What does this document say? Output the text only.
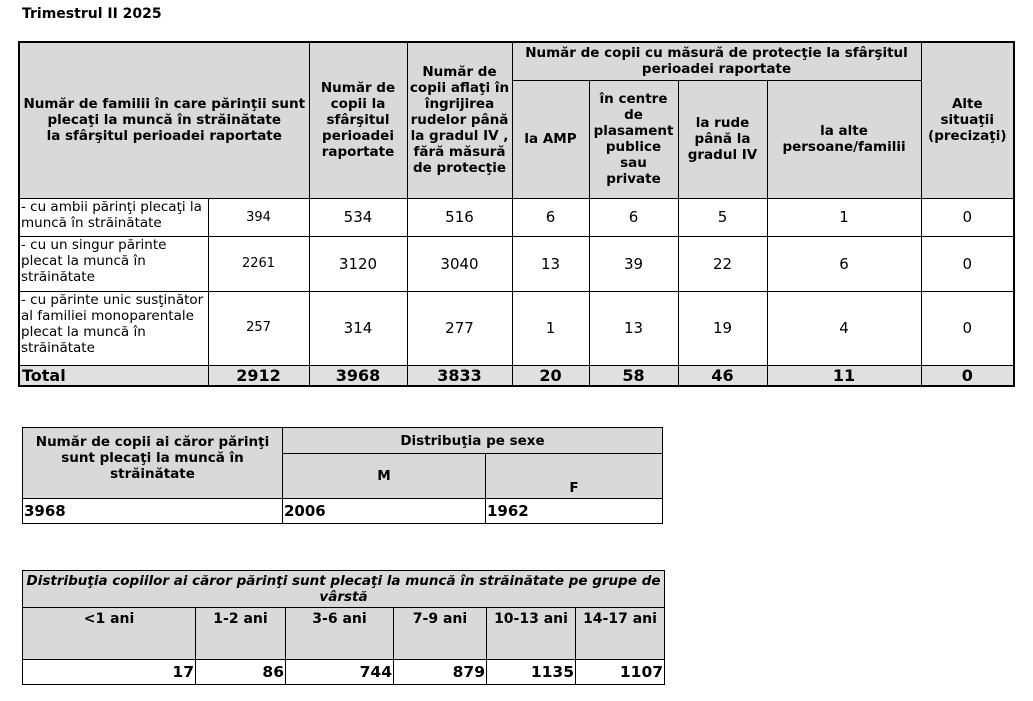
Trimestrul II 2025
Număr de familii în care părinţii sunt plecaţi la muncă în străinătate
la sfârşitul perioadei raportate		Număr de copii la sfârşitul perioadei raportate	Număr de copii aflaţi în îngrijirea rudelor până la gradul IV , fără măsură de protecţie	Număr de copii cu măsură de protecţie la sfârşitul perioadei raportate				Alte situaţii (precizaţi)
				la AMP	în centre de plasament publice sau private	la rude până la gradul IV	la alte persoane/familii	
- cu ambii părinţi plecaţi la muncă în străinătate	394	534	516	6	6	5	1	0
- cu un singur părinte plecat la muncă în străinătate	2261	3120	3040	13	39	22	6	0
- cu părinte unic susţinător al familiei monoparentale plecat la muncă în străinătate	257	314	277	1	13	19	4	0
Total	2912	3968	3833	20	58	46	11	0
Număr de copii ai căror părinţi sunt plecaţi la muncă în străinătate	Distribuţia pe sexe	
	M	F
3968	2006	1962
Distribuţia copiilor ai căror părinţi sunt plecaţi la muncă în străinătate pe grupe de vârstă					
<1 ani	1-2 ani	3-6 ani	7-9 ani	10-13 ani	14-17 ani
17	86	744	879	1135	1107
